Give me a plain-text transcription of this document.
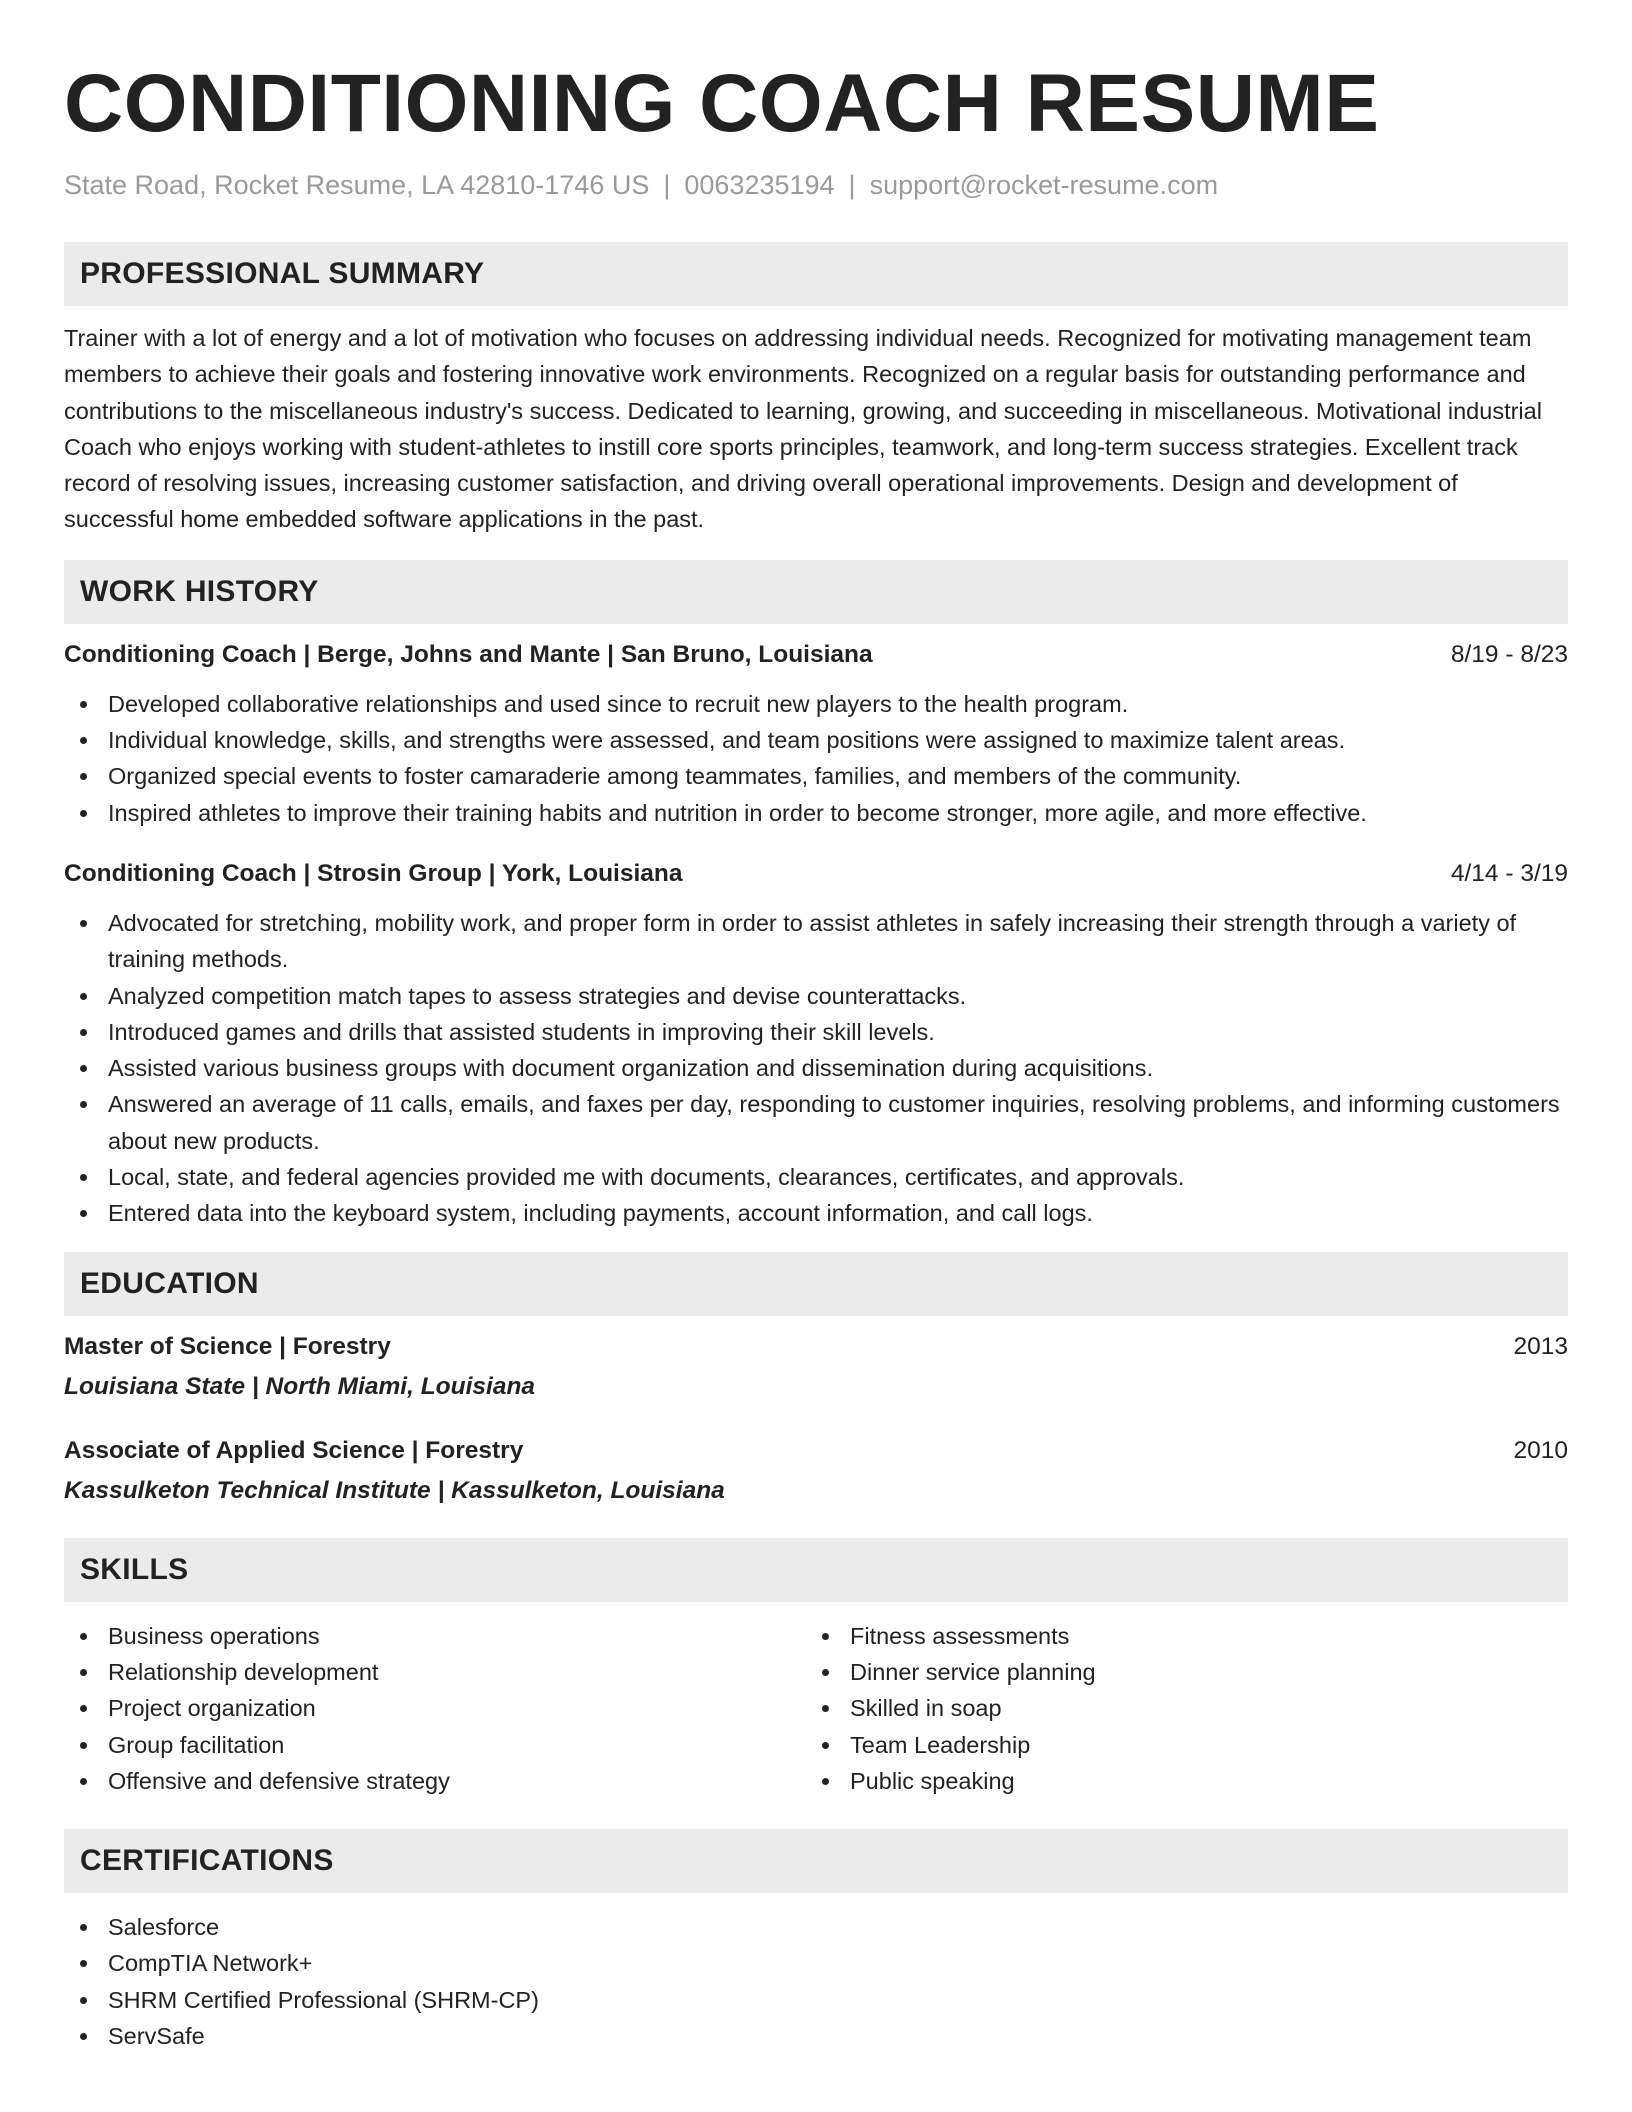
CONDITIONING COACH RESUME
State Road, Rocket Resume, LA 42810-1746 US | 0063235194 | support@rocket-resume.com
PROFESSIONAL SUMMARY

Trainer with a lot of energy and a lot of motivation who focuses on addressing individual needs. Recognized for motivating management team members to achieve their goals and fostering innovative work environments. Recognized on a regular basis for outstanding performance and contributions to the miscellaneous industry's success. Dedicated to learning, growing, and succeeding in miscellaneous. Motivational industrial Coach who enjoys working with student-athletes to instill core sports principles, teamwork, and long-term success strategies. Excellent track record of resolving issues, increasing customer satisfaction, and driving overall operational improvements. Design and development of successful home embedded software applications in the past.

WORK HISTORY
Conditioning Coach | Berge, Johns and Mante | San Bruno, Louisiana	8/19 - 8/23
Developed collaborative relationships and used since to recruit new players to the health program.
Individual knowledge, skills, and strengths were assessed, and team positions were assigned to maximize talent areas.
Organized special events to foster camaraderie among teammates, families, and members of the community.
Inspired athletes to improve their training habits and nutrition in order to become stronger, more agile, and more effective.
Conditioning Coach | Strosin Group | York, Louisiana	4/14 - 3/19
Advocated for stretching, mobility work, and proper form in order to assist athletes in safely increasing their strength through a variety of training methods.
Analyzed competition match tapes to assess strategies and devise counterattacks.
Introduced games and drills that assisted students in improving their skill levels.
Assisted various business groups with document organization and dissemination during acquisitions.
Answered an average of 11 calls, emails, and faxes per day, responding to customer inquiries, resolving problems, and informing customers about new products.
Local, state, and federal agencies provided me with documents, clearances, certificates, and approvals.
Entered data into the keyboard system, including payments, account information, and call logs.
EDUCATION
Master of Science | Forestry	2013
Louisiana State | North Miami, Louisiana
Associate of Applied Science | Forestry	2010
Kassulketon Technical Institute | Kassulketon, Louisiana
SKILLS
Business operations
Relationship development
Project organization
Group facilitation
Offensive and defensive strategy
Fitness assessments
Dinner service planning
Skilled in soap
Team Leadership
Public speaking
CERTIFICATIONS
Salesforce
CompTIA Network+
SHRM Certified Professional (SHRM-CP)
ServSafe
